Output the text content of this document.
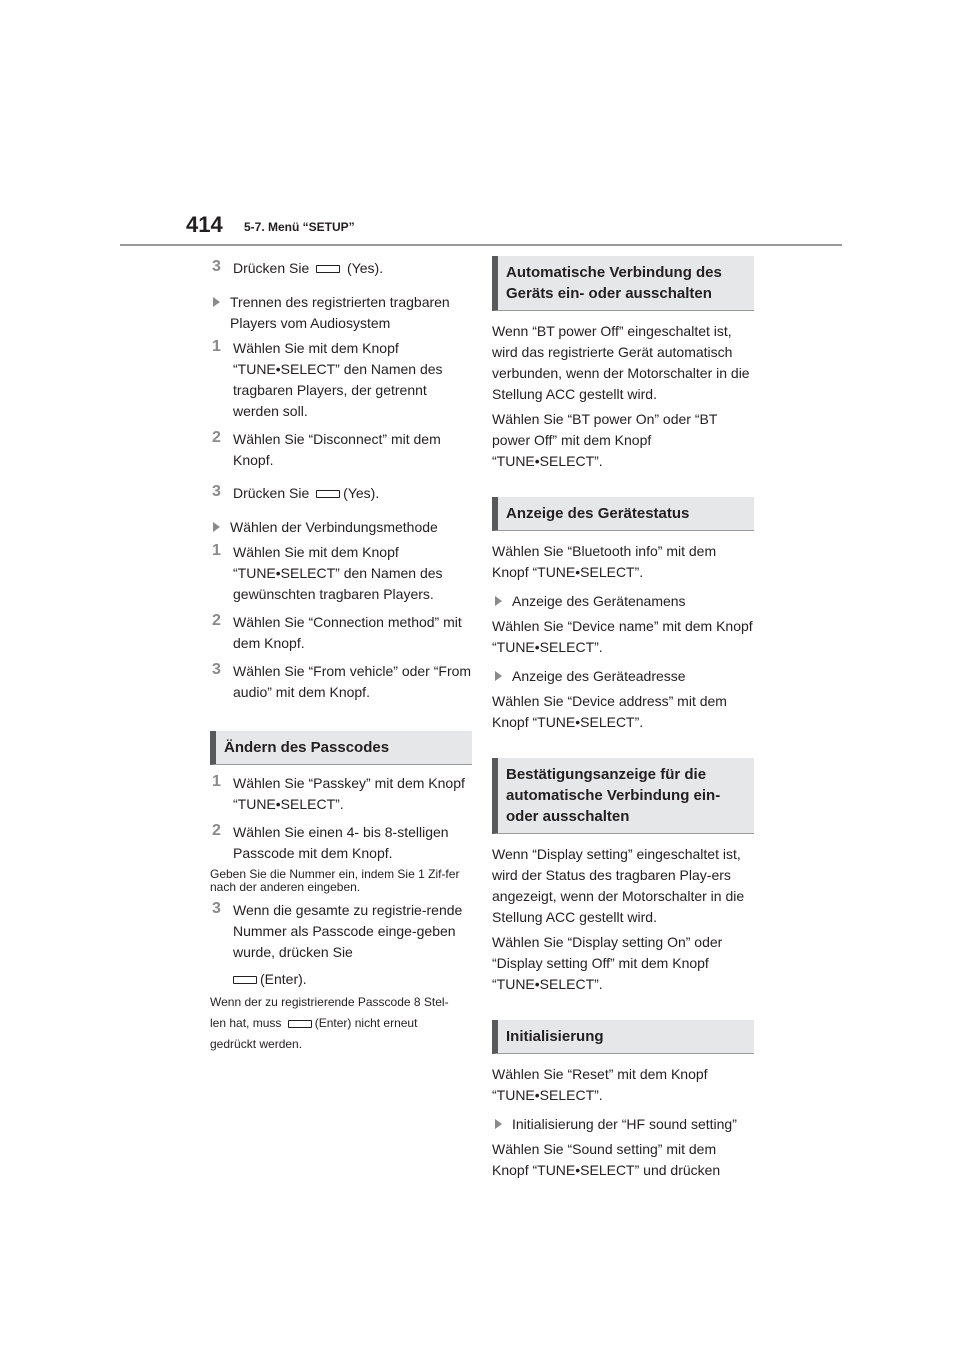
414 5-7. Menü “SETUP”
3 Drücken Sie	(Yes).

Trennen des registrierten tragbaren Players vom Audiosystem

1 Wählen Sie mit dem Knopf “TUNE•SELECT” den Namen des tragbaren Players, der getrennt werden soll.

2 Wählen Sie “Disconnect” mit dem Knopf.

3 Drücken Sie (Yes).

Wählen der Verbindungsmethode

1 Wählen Sie mit dem Knopf “TUNE•SELECT” den Namen des gewünschten tragbaren Players.

2 Wählen Sie “Connection method” mit dem Knopf.

3 Wählen Sie “From vehicle” oder “From audio” mit dem Knopf.

Ändern des Passcodes
1 Wählen Sie “Passkey” mit dem Knopf “TUNE•SELECT”.

2 Wählen Sie einen 4- bis 8-stelligen Passcode mit dem Knopf.

Geben Sie die Nummer ein, indem Sie 1 Zif-fer nach der anderen eingeben.

3 Wenn die gesamte zu registrie-rende Nummer als Passcode einge-geben wurde, drücken Sie

(Enter).

Wenn der zu registrierende Passcode 8 Stel-
len hat, muss	(Enter) nicht erneut
gedrückt werden.

Automatische Verbindung des Geräts ein- oder ausschalten

Wenn “BT power Off” eingeschaltet ist, wird das registrierte Gerät automatisch verbunden, wenn der Motorschalter in die Stellung ACC gestellt wird.

Wählen Sie “BT power On” oder “BT power Off” mit dem Knopf “TUNE•SELECT”.

Anzeige des Gerätestatus

Wählen Sie “Bluetooth info” mit dem Knopf “TUNE•SELECT”.

Anzeige des Gerätenamens

Wählen Sie “Device name” mit dem Knopf “TUNE•SELECT”.

Anzeige des Geräteadresse

Wählen Sie “Device address” mit dem Knopf “TUNE•SELECT”.

Bestätigungsanzeige für die automatische Verbindung ein- oder ausschalten

Wenn “Display setting” eingeschaltet ist, wird der Status des tragbaren Play-ers angezeigt, wenn der Motorschalter in die Stellung ACC gestellt wird.

Wählen Sie “Display setting On” oder “Display setting Off” mit dem Knopf “TUNE•SELECT”.

Initialisierung

Wählen Sie “Reset” mit dem Knopf “TUNE•SELECT”.

Initialisierung der “HF sound setting”

Wählen Sie “Sound setting” mit dem Knopf “TUNE•SELECT” und drücken
